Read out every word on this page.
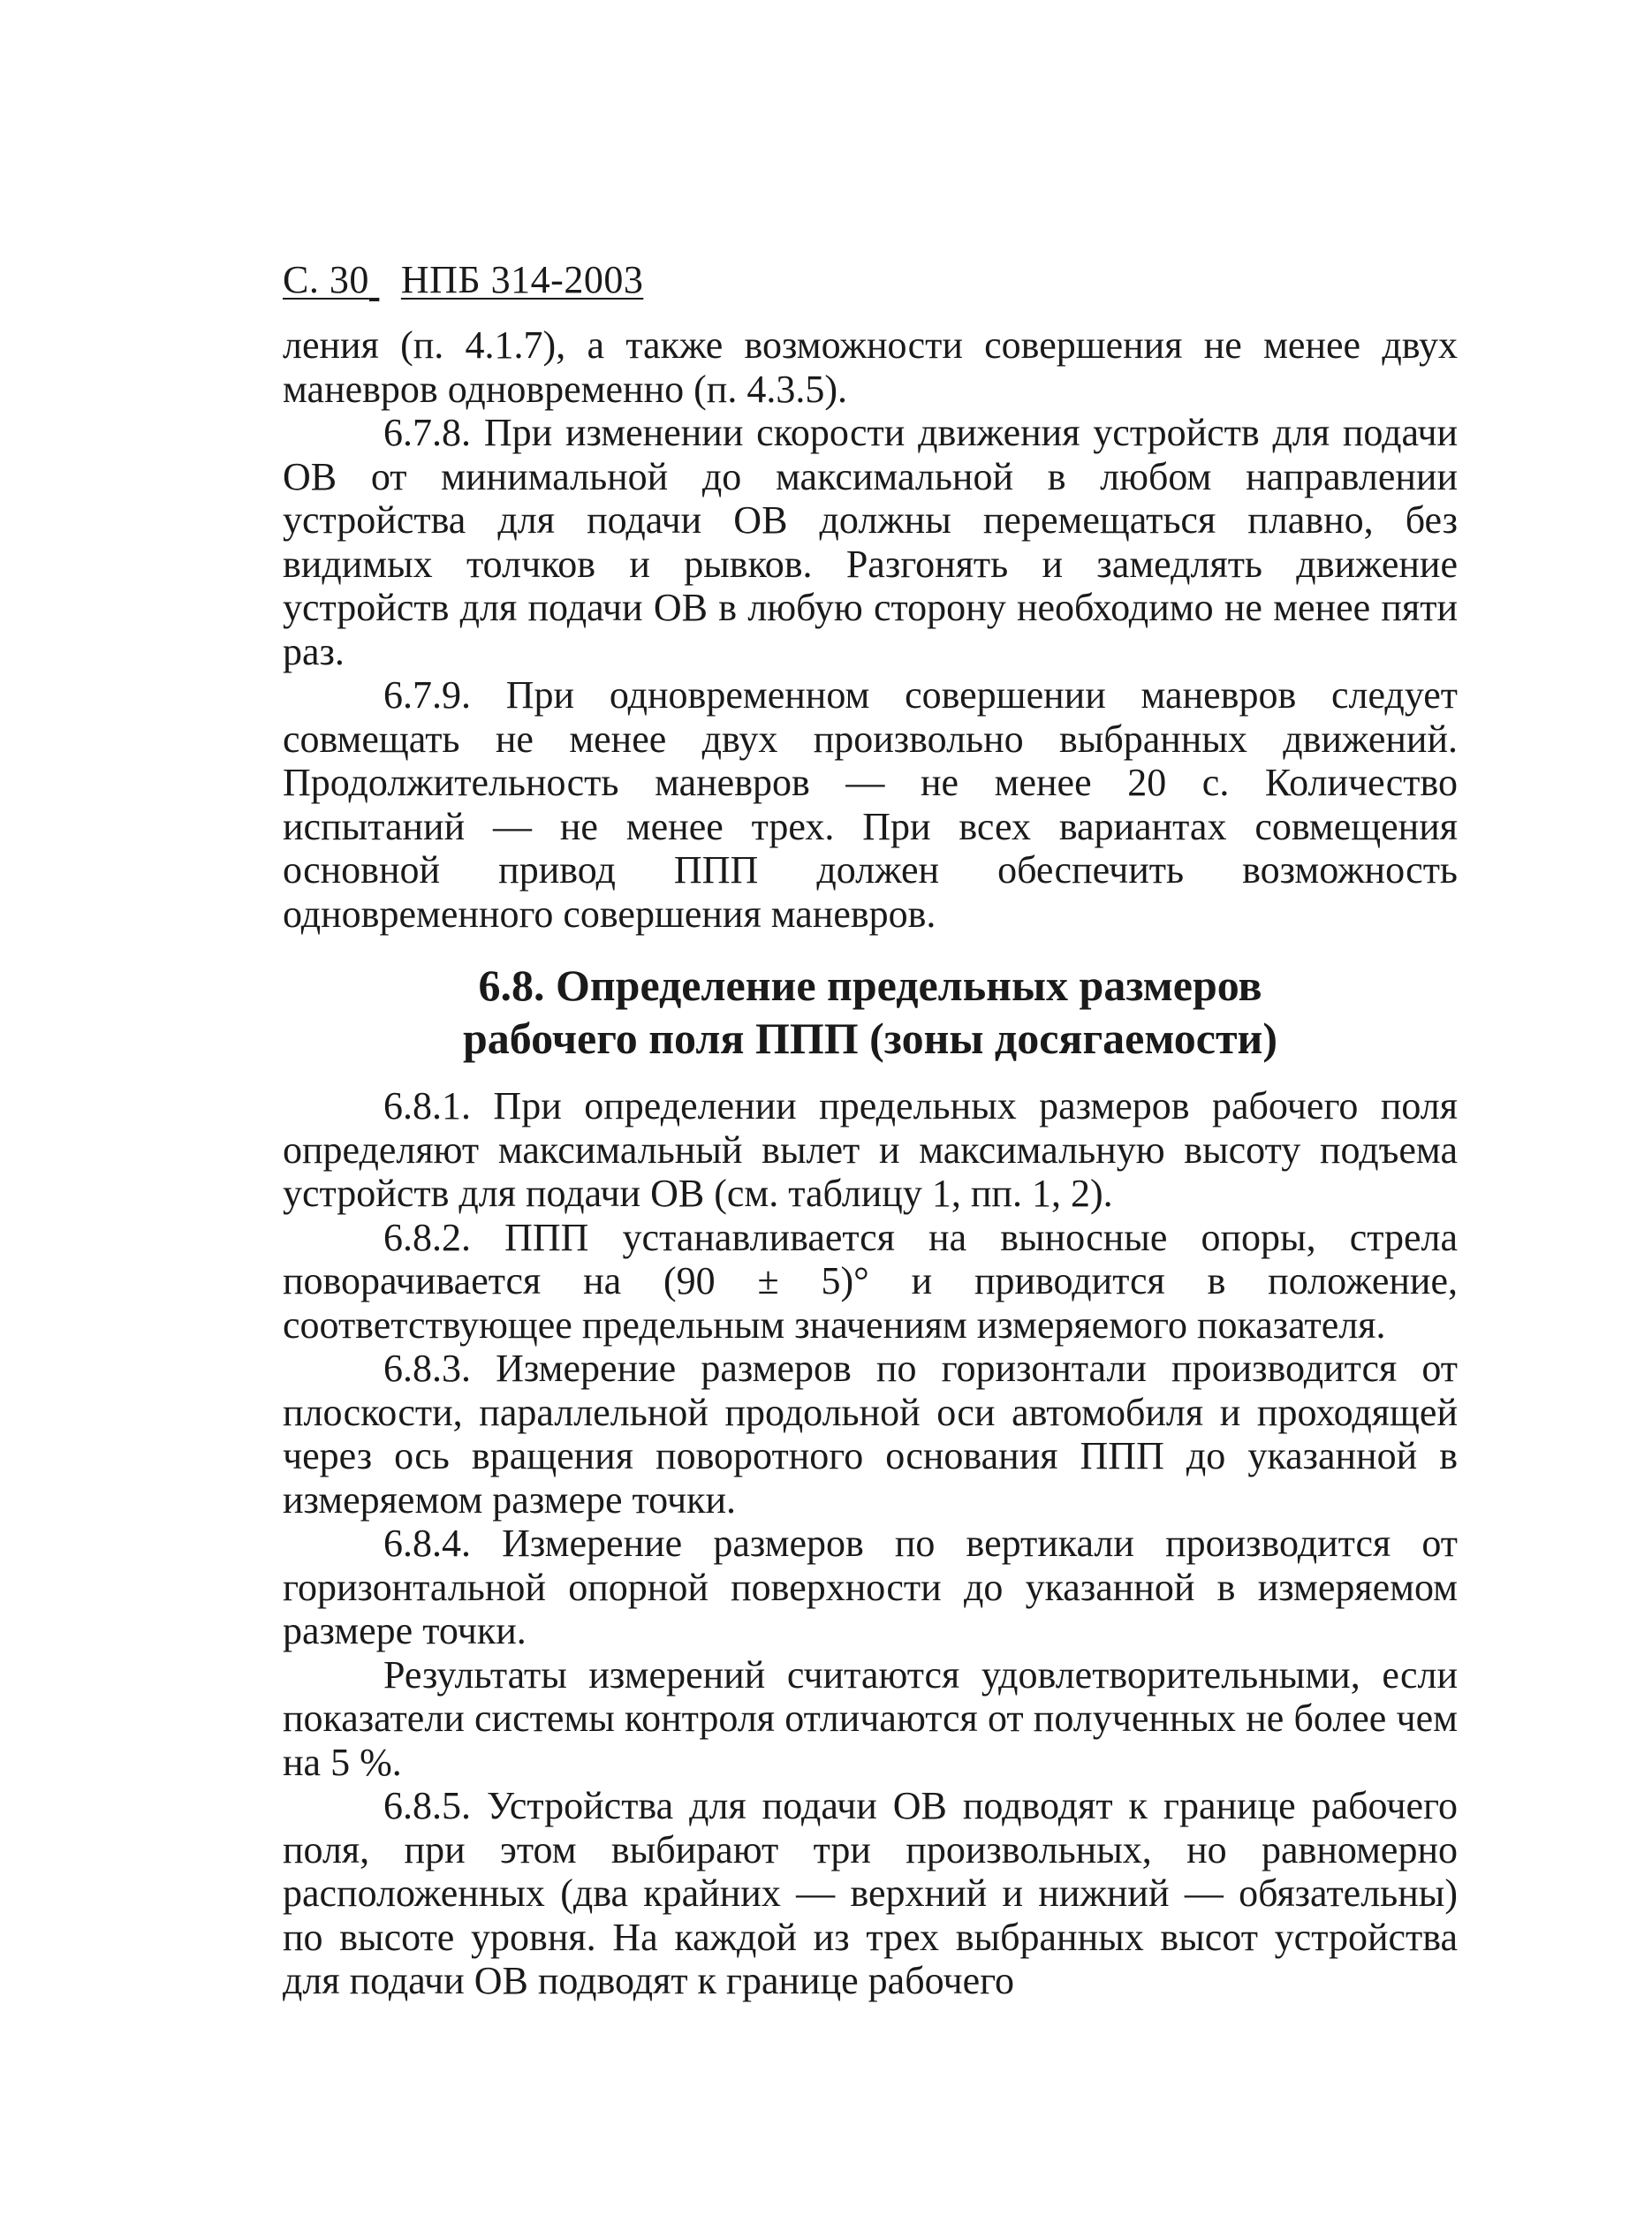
С. 30 НПБ 314-2003

ления (п. 4.1.7), а также возможности совершения не менее двух маневров одновременно (п. 4.3.5).

6.7.8. При изменении скорости движения устройств для подачи ОВ от минимальной до максимальной в любом направлении устройства для подачи ОВ должны перемещаться плавно, без видимых толчков и рывков. Разгонять и замедлять движение устройств для подачи ОВ в любую сторону необходимо не менее пяти раз.

6.7.9. При одновременном совершении маневров следует совмещать не менее двух произвольно выбранных движений. Продолжительность маневров — не менее 20 с. Количество испытаний — не менее трех. При всех вариантах совмещения основной привод ППП должен обеспечить возможность одновременного совершения маневров.

6.8. Определение предельных размеров
рабочего поля ППП (зоны досягаемости)

6.8.1. При определении предельных размеров рабочего поля определяют максимальный вылет и максимальную высоту подъема устройств для подачи ОВ (см. таблицу 1, пп. 1, 2).

6.8.2. ППП устанавливается на выносные опоры, стрела поворачивается на (90 ± 5)° и приводится в положение, соответствующее предельным значениям измеряемого показателя.

6.8.3. Измерение размеров по горизонтали производится от плоскости, параллельной продольной оси автомобиля и проходящей через ось вращения поворотного основания ППП до указанной в измеряемом размере точки.

6.8.4. Измерение размеров по вертикали производится от горизонтальной опорной поверхности до указанной в измеряемом размере точки.

Результаты измерений считаются удовлетворительными, если показатели системы контроля отличаются от полученных не более чем на 5 %.

6.8.5. Устройства для подачи ОВ подводят к границе рабочего поля, при этом выбирают три произвольных, но равномерно расположенных (два крайних — верхний и нижний — обязательны) по высоте уровня. На каждой из трех выбранных высот устройства для подачи ОВ подводят к границе рабочего
